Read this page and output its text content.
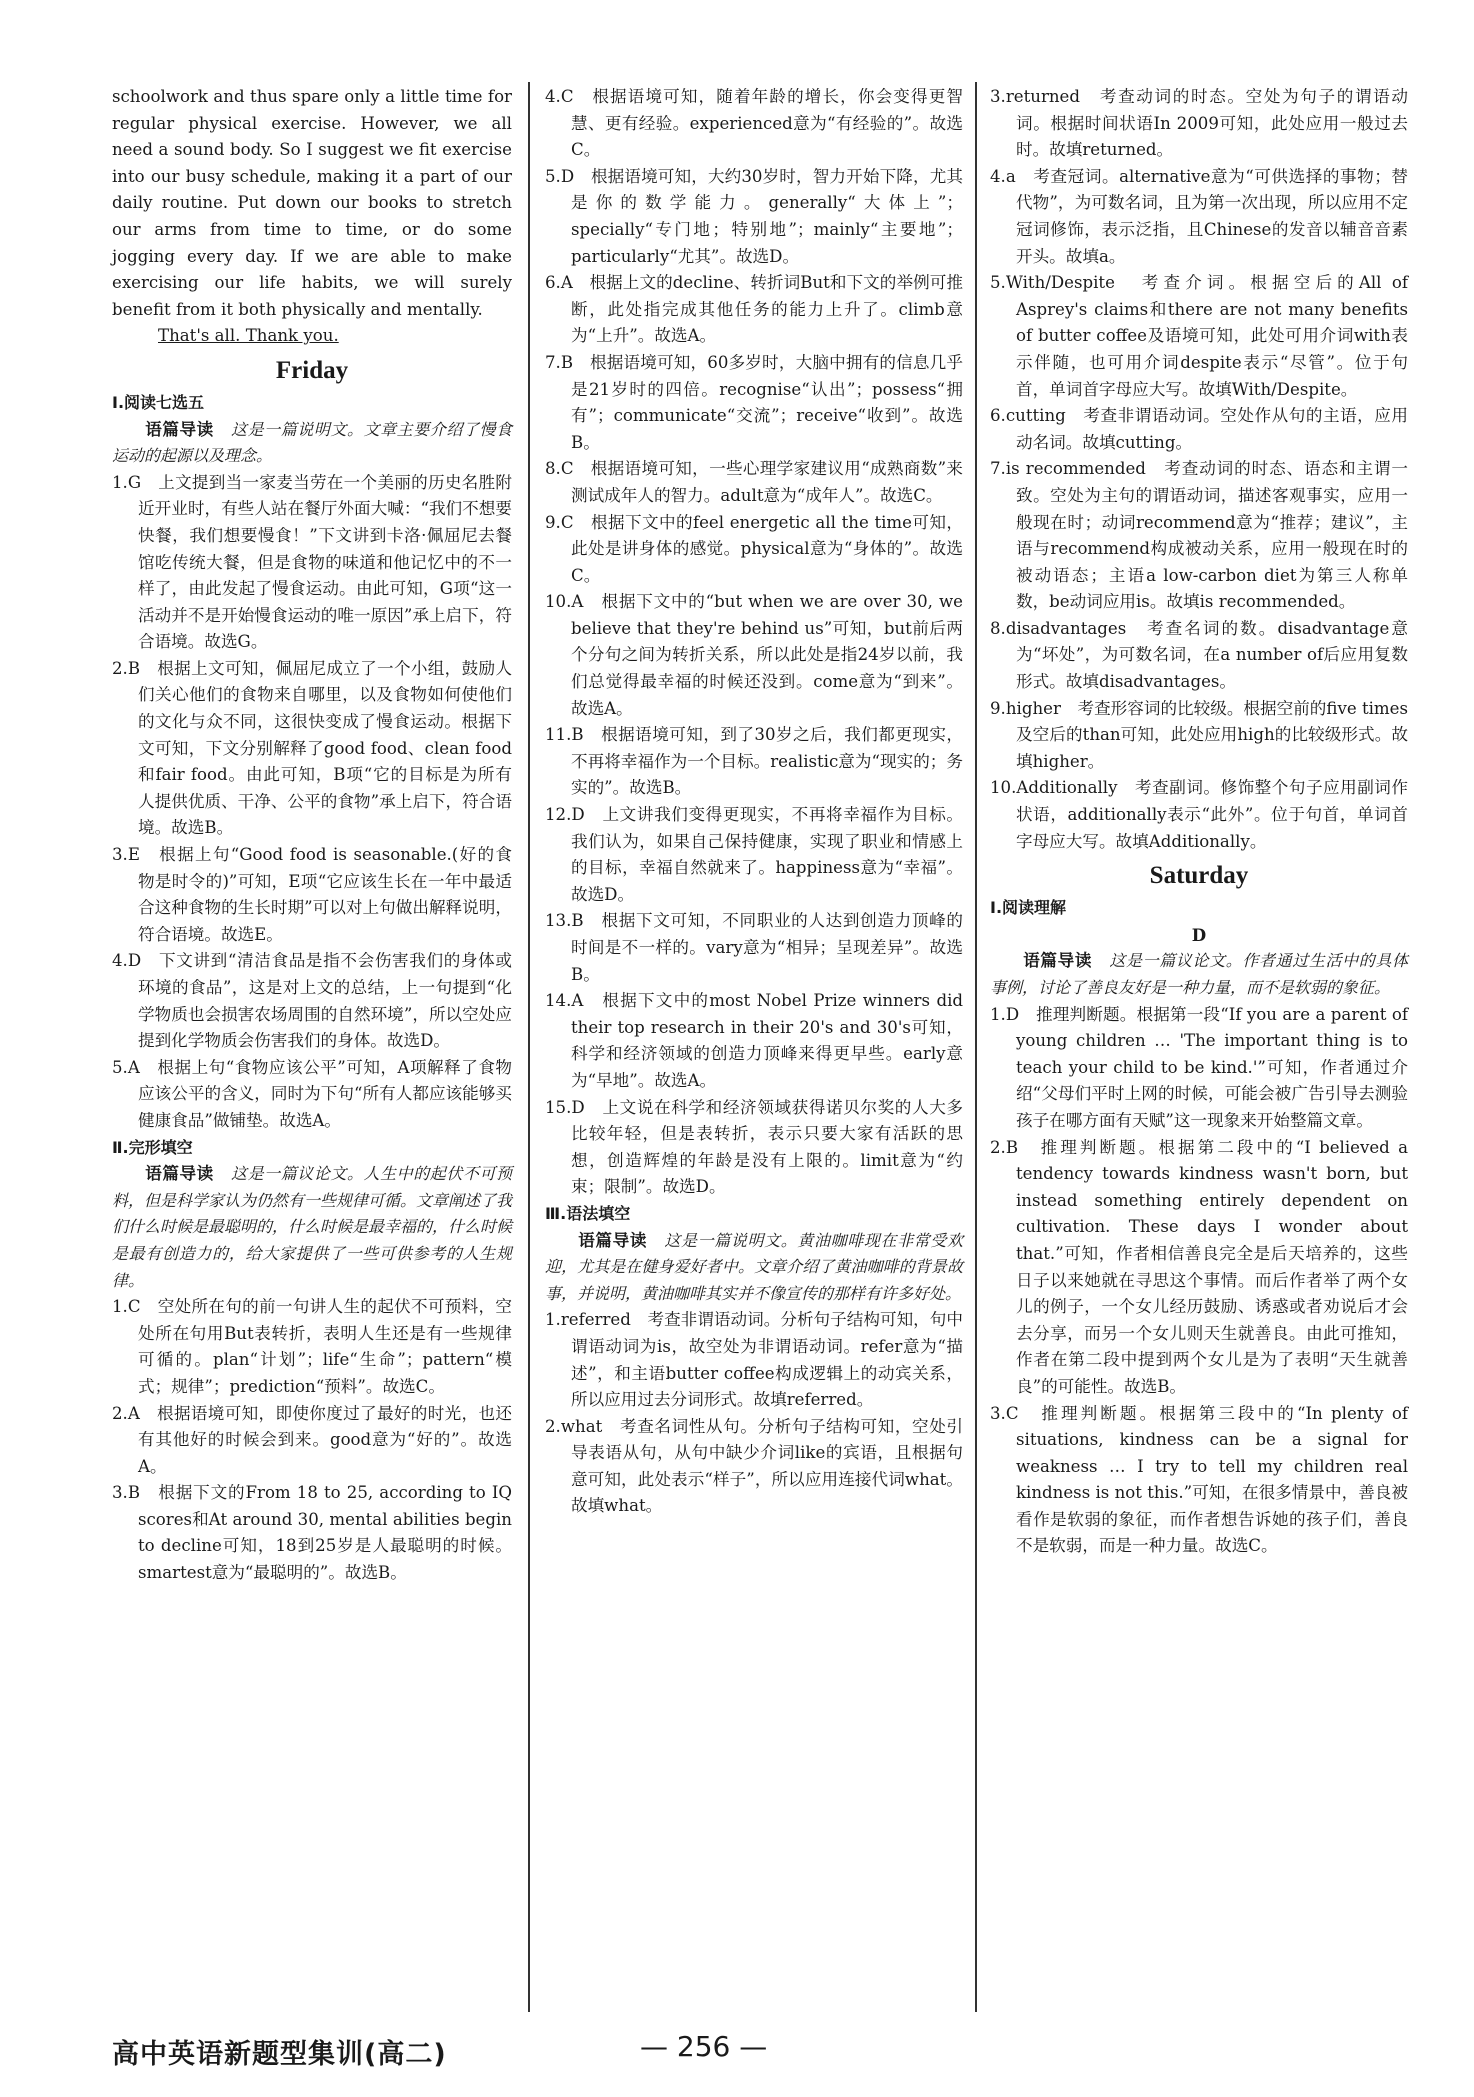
schoolwork and thus spare only a little time for regular physical exercise. However, we all need a sound body. So I suggest we fit exercise into our busy schedule, making it a part of our daily routine. Put down our books to stretch our arms from time to time, or do some jogging every day. If we are able to make exercising our life habits, we will surely benefit from it both physically and mentally.

That's all. Thank you.

Friday

Ⅰ.阅读七选五

语篇导读　 这是一篇说明文。文章主要介绍了慢食运动的起源以及理念。

1.G　上文提到当一家麦当劳在一个美丽的历史名胜附近开业时，有些人站在餐厅外面大喊：“我们不想要快餐，我们想要慢食！”下文讲到卡洛·佩屈尼去餐馆吃传统大餐，但是食物的味道和他记忆中的不一样了，由此发起了慢食运动。由此可知，G项“这一活动并不是开始慢食运动的唯一原因”承上启下，符合语境。故选G。

2.B　根据上文可知，佩屈尼成立了一个小组，鼓励人们关心他们的食物来自哪里，以及食物如何使他们的文化与众不同，这很快变成了慢食运动。根据下文可知，下文分别解释了good food、clean food和fair food。由此可知，B项“它的目标是为所有人提供优质、干净、公平的食物”承上启下，符合语境。故选B。

3.E　根据上句“Good food is seasonable.(好的食物是时令的)”可知，E项“它应该生长在一年中最适合这种食物的生长时期”可以对上句做出解释说明，符合语境。故选E。

4.D　下文讲到“清洁食品是指不会伤害我们的身体或环境的食品”，这是对上文的总结，上一句提到“化学物质也会损害农场周围的自然环境”，所以空处应提到化学物质会伤害我们的身体。故选D。

5.A　根据上句“食物应该公平”可知，A项解释了食物应该公平的含义，同时为下句“所有人都应该能够买健康食品”做铺垫。故选A。

Ⅱ.完形填空

语篇导读　 这是一篇议论文。人生中的起伏不可预料，但是科学家认为仍然有一些规律可循。文章阐述了我们什么时候是最聪明的，什么时候是最幸福的，什么时候是最有创造力的，给大家提供了一些可供参考的人生规律。

1.C　空处所在句的前一句讲人生的起伏不可预料，空处所在句用But表转折，表明人生还是有一些规律可循的。plan“计划”；life“生命”；pattern“模式；规律”；prediction“预料”。故选C。

2.A　根据语境可知，即使你度过了最好的时光，也还有其他好的时候会到来。good意为“好的”。故选A。

3.B　根据下文的From 18 to 25, according to IQ scores和At around 30, mental abilities begin to decline可知，18到25岁是人最聪明的时候。smartest意为“最聪明的”。故选B。

4.C　根据语境可知，随着年龄的增长，你会变得更智慧、更有经验。experienced意为“有经验的”。故选C。

5.D　根据语境可知，大约30岁时，智力开始下降，尤其是你的数学能力。generally“大体上”；specially“专门地；特别地”；mainly“主要地”；particularly“尤其”。故选D。

6.A　根据上文的decline、转折词But和下文的举例可推断，此处指完成其他任务的能力上升了。climb意为“上升”。故选A。

7.B　根据语境可知，60多岁时，大脑中拥有的信息几乎是21岁时的四倍。recognise“认出”；possess“拥有”；communicate“交流”；receive“收到”。故选B。

8.C　根据语境可知，一些心理学家建议用“成熟商数”来测试成年人的智力。adult意为“成年人”。故选C。

9.C　根据下文中的feel energetic all the time可知，此处是讲身体的感觉。physical意为“身体的”。故选C。

10.A　根据下文中的“but when we are over 30, we believe that they're behind us”可知，but前后两个分句之间为转折关系，所以此处是指24岁以前，我们总觉得最幸福的时候还没到。come意为“到来”。故选A。

11.B　根据语境可知，到了30岁之后，我们都更现实，不再将幸福作为一个目标。realistic意为“现实的；务实的”。故选B。

12.D　上文讲我们变得更现实，不再将幸福作为目标。我们认为，如果自己保持健康，实现了职业和情感上的目标，幸福自然就来了。happiness意为“幸福”。故选D。

13.B　根据下文可知，不同职业的人达到创造力顶峰的时间是不一样的。vary意为“相异；呈现差异”。故选B。

14.A　根据下文中的most Nobel Prize winners did their top research in their 20's and 30's可知，科学和经济领域的创造力顶峰来得更早些。early意为“早地”。故选A。

15.D　上文说在科学和经济领域获得诺贝尔奖的人大多比较年轻，但是表转折，表示只要大家有活跃的思想，创造辉煌的年龄是没有上限的。limit意为“约束；限制”。故选D。

Ⅲ.语法填空

语篇导读　 这是一篇说明文。黄油咖啡现在非常受欢迎，尤其是在健身爱好者中。文章介绍了黄油咖啡的背景故事，并说明，黄油咖啡其实并不像宣传的那样有许多好处。

1.referred　考查非谓语动词。分析句子结构可知，句中谓语动词为is，故空处为非谓语动词。refer意为“描述”，和主语butter coffee构成逻辑上的动宾关系，所以应用过去分词形式。故填referred。

2.what　考查名词性从句。分析句子结构可知，空处引导表语从句，从句中缺少介词like的宾语，且根据句意可知，此处表示“样子”，所以应用连接代词what。故填what。

3.returned　考查动词的时态。空处为句子的谓语动词。根据时间状语In 2009可知，此处应用一般过去时。故填returned。

4.a　考查冠词。alternative意为“可供选择的事物；替代物”，为可数名词，且为第一次出现，所以应用不定冠词修饰，表示泛指，且Chinese的发音以辅音音素开头。故填a。

5.With/Despite　考查介词。根据空后的All of Asprey's claims和there are not many benefits of butter coffee及语境可知，此处可用介词with表示伴随，也可用介词despite表示“尽管”。位于句首，单词首字母应大写。故填With/Despite。

6.cutting　考查非谓语动词。空处作从句的主语，应用动名词。故填cutting。

7.is recommended　考查动词的时态、语态和主谓一致。空处为主句的谓语动词，描述客观事实，应用一般现在时；动词recommend意为“推荐；建议”，主语与recommend构成被动关系，应用一般现在时的被动语态；主语a low-carbon diet为第三人称单数，be动词应用is。故填is recommended。

8.disadvantages　考查名词的数。disadvantage意为“坏处”，为可数名词，在a number of后应用复数形式。故填disadvantages。

9.higher　考查形容词的比较级。根据空前的five times及空后的than可知，此处应用high的比较级形式。故填higher。

10.Additionally　考查副词。修饰整个句子应用副词作状语，additionally表示“此外”。位于句首，单词首字母应大写。故填Additionally。

Saturday

Ⅰ.阅读理解

D

语篇导读　 这是一篇议论文。作者通过生活中的具体事例，讨论了善良友好是一种力量，而不是软弱的象征。

1.D　推理判断题。根据第一段“If you are a parent of young children … 'The important thing is to teach your child to be kind.'”可知，作者通过介绍“父母们平时上网的时候，可能会被广告引导去测验孩子在哪方面有天赋”这一现象来开始整篇文章。

2.B　推理判断题。根据第二段中的“I believed a tendency towards kindness wasn't born, but instead something entirely dependent on cultivation. These days I wonder about that.”可知，作者相信善良完全是后天培养的，这些日子以来她就在寻思这个事情。而后作者举了两个女儿的例子，一个女儿经历鼓励、诱惑或者劝说后才会去分享，而另一个女儿则天生就善良。由此可推知，作者在第二段中提到两个女儿是为了表明“天生就善良”的可能性。故选B。

3.C　推理判断题。根据第三段中的“In plenty of situations, kindness can be a signal for weakness … I try to tell my children real kindness is not this.”可知，在很多情景中，善良被看作是软弱的象征，而作者想告诉她的孩子们，善良不是软弱，而是一种力量。故选C。

高中英语新题型集训(高二)	— 256 —
